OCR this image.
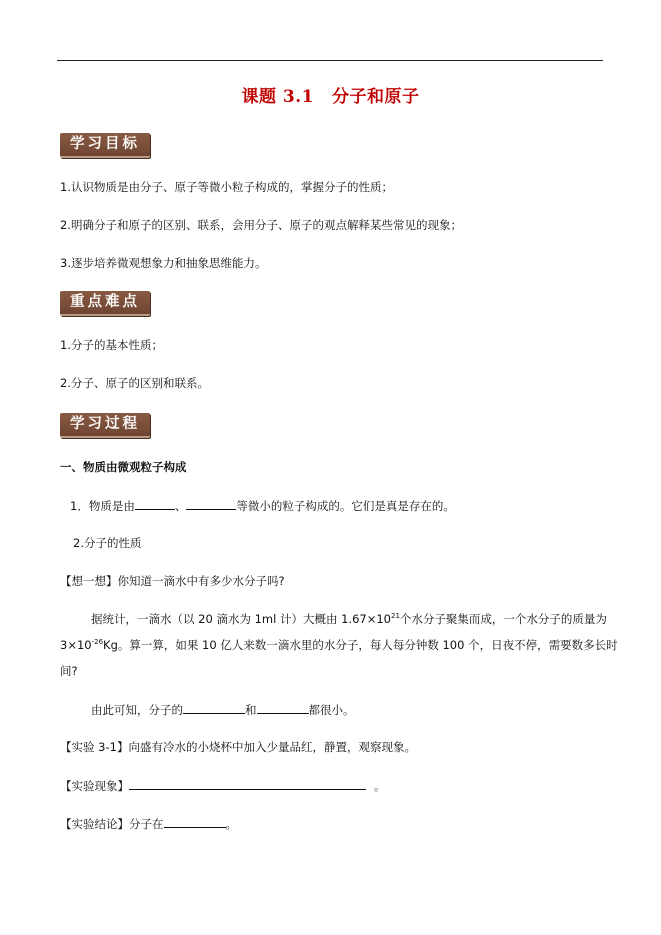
课题 3.1 分子和原子
学习目标
1.认识物质是由分子、原子等微小粒子构成的，掌握分子的性质；
2.明确分子和原子的区别、联系，会用分子、原子的观点解释某些常见的现象；
3.逐步培养微观想象力和抽象思维能力。
重点难点
1.分子的基本性质；
2.分子、原子的区别和联系。
学习过程
一、物质由微观粒子构成
1．物质是由	、	等微小的粒子构成的。它们是真是存在的。
2.分子的性质
【想一想】你知道一滴水中有多少水分子吗?
据统计，一滴水（以 20 滴水为 1ml 计）大概由 $1.67\times 10^{21}$个水分子聚集而成，一个水分子的质量为
$3\times 10^{-26}Kg$。算一算，如果 10 亿人来数一滴水里的水分子，每人每分钟数 100 个，日夜不停，需要数多长时
间?
由此可知，分子的	和	都很小。
【实验 3-1】向盛有冷水的小烧杯中加入少量品红，静置，观察现象。
【实验现象】	。
【实验结论】分子在	。
